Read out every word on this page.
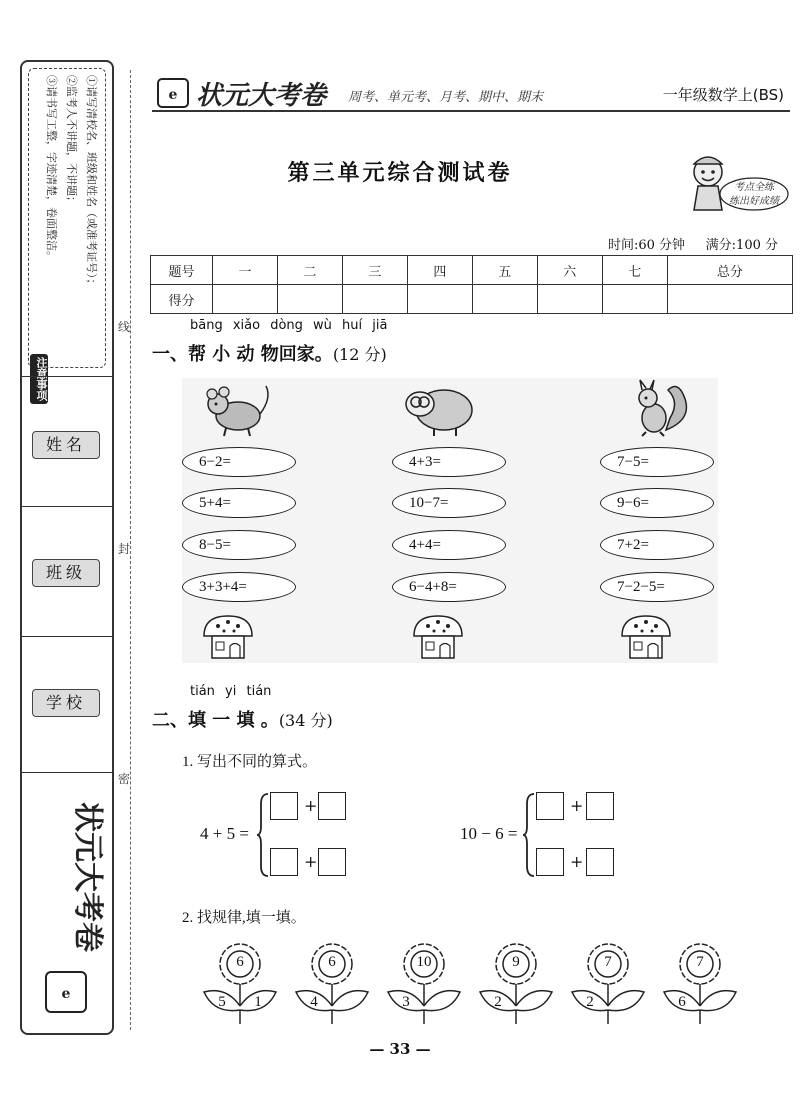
①请写清校名、班级和姓名（或准考证号）；
②监考人不讲题，不讲题；
③请书写工整，字迹清楚，卷面整洁。
注意事项
姓名
班级
学校
e
状元大考卷
线
封
密
e 状元大考卷 周考、单元考、月考、期中、期末	一年级数学上(BS)
第三单元综合测试卷
考点全练
练出好成绩
时间:60 分钟 满分:100 分
题号	一	二	三	四	五	六	七	总分
得分								
bāng xiǎo dòng wù huí jiā
一、帮 小 动 物回家。(12 分)
6−2=
5+4=
8−5=
3+3+4=
4+3=
10−7=
4+4=
6−4+8=
7−5=
9−6=
7+2=
7−2−5=
tián yi tián
二、填 一 填 。(34 分)
1. 写出不同的算式。
4 + 5 =
+
+
10 − 6 =
+
+
2. 找规律,填一填。
6
5	1
6
4
10
3
9
2
7
2
7
6
— 33 —
